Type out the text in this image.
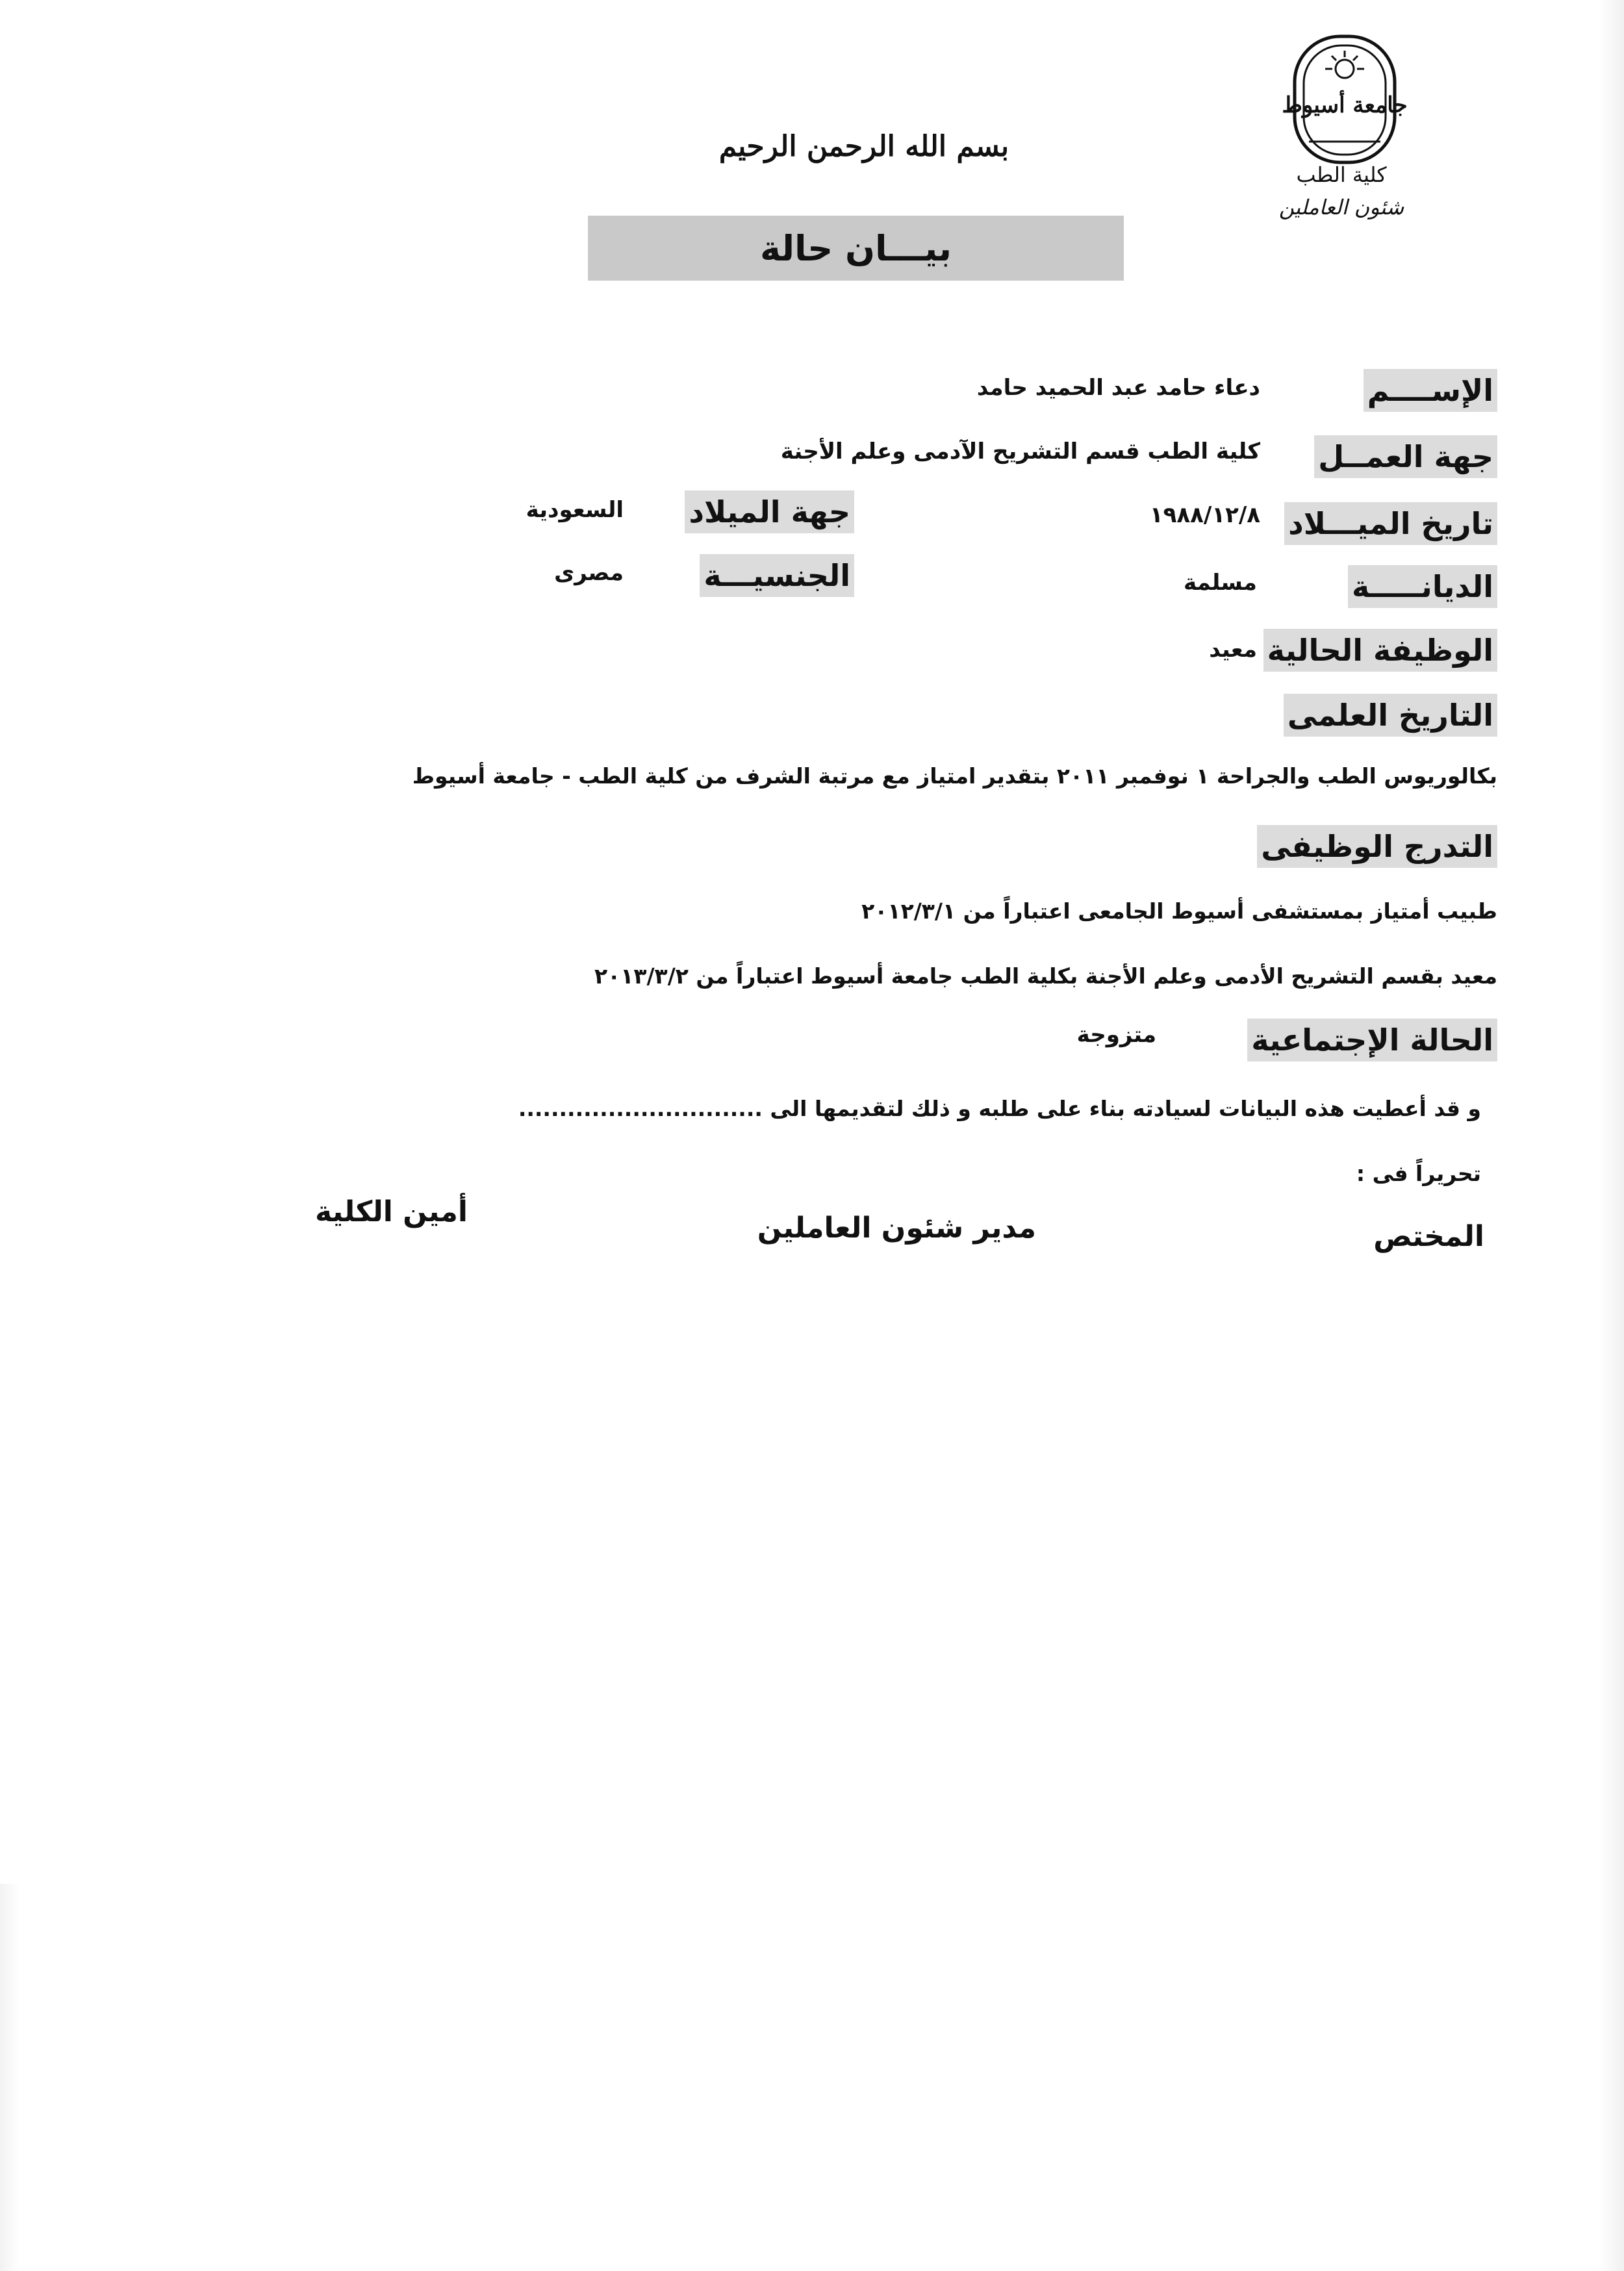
جامعة أسيوط
كلية الطب
شئون العاملين
بسم الله الرحمن الرحيم
بيـــان حالة
الإســــم
دعاء حامد عبد الحميد حامد
جهة العمــل
كلية الطب قسم التشريح الآدمى وعلم الأجنة
تاريخ الميـــلاد
١٩٨٨/١٢/٨
جهة الميلاد
السعودية
الديانـــــة
مسلمة
الجنسيـــة
مصرى
الوظيفة الحالية
معيد
التاريخ العلمى
بكالوريوس الطب والجراحة ١ نوفمبر ٢٠١١ بتقدير امتياز مع مرتبة الشرف من كلية الطب - جامعة أسيوط
التدرج الوظيفى
طبيب أمتياز بمستشفى أسيوط الجامعى اعتباراً من ٢٠١٢/٣/١
معيد بقسم التشريح الأدمى وعلم الأجنة بكلية الطب جامعة أسيوط اعتباراً من ٢٠١٣/٣/٢
الحالة الإجتماعية
متزوجة
و قد أعطيت هذه البيانات لسيادته بناء على طلبه و ذلك لتقديمها الى ..............................
تحريراً فى :
المختص
مدير شئون العاملين
أمين الكلية
